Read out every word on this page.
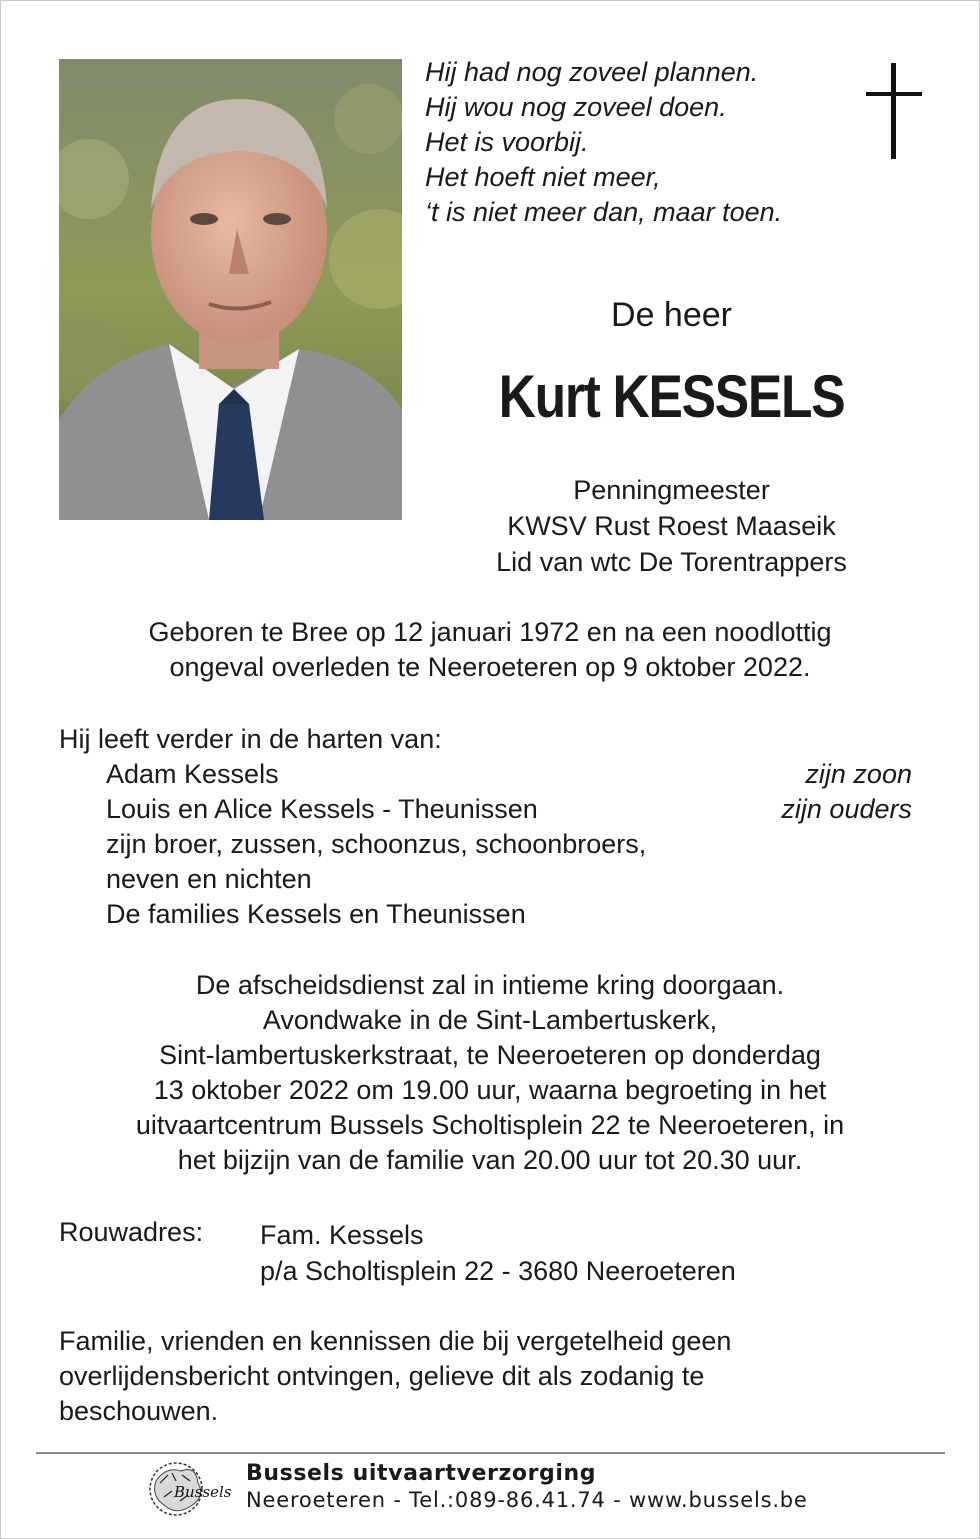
Hij had nog zoveel plannen.
Hij wou nog zoveel doen.
Het is voorbij.
Het hoeft niet meer,
‘t is niet meer dan, maar toen.
De heer
Kurt KESSELS
Penningmeester
KWSV Rust Roest Maaseik
Lid van wtc De Torentrappers
Geboren te Bree op 12 januari 1972 en na een noodlottig
ongeval overleden te Neeroeteren op 9 oktober 2022.
Hij leeft verder in de harten van:
Adam Kessels	zijn zoon
Louis en Alice Kessels - Theunissen	zijn ouders
zijn broer, zussen, schoonzus, schoonbroers,
neven en nichten
De families Kessels en Theunissen
De afscheidsdienst zal in intieme kring doorgaan.
Avondwake in de Sint-Lambertuskerk,
Sint-lambertuskerkstraat, te Neeroeteren op donderdag
13 oktober 2022 om 19.00 uur, waarna begroeting in het
uitvaartcentrum Bussels Scholtisplein 22 te Neeroeteren, in
het bijzijn van de familie van 20.00 uur tot 20.30 uur.
Rouwadres: Fam. Kessels
p/a Scholtisplein 22 - 3680 Neeroeteren
Familie, vrienden en kennissen die bij vergetelheid geen
overlijdensbericht ontvingen, gelieve dit als zodanig te
beschouwen.
Bussels
Bussels uitvaartverzorging
Neeroeteren - Tel.:089-86.41.74 - www.bussels.be
